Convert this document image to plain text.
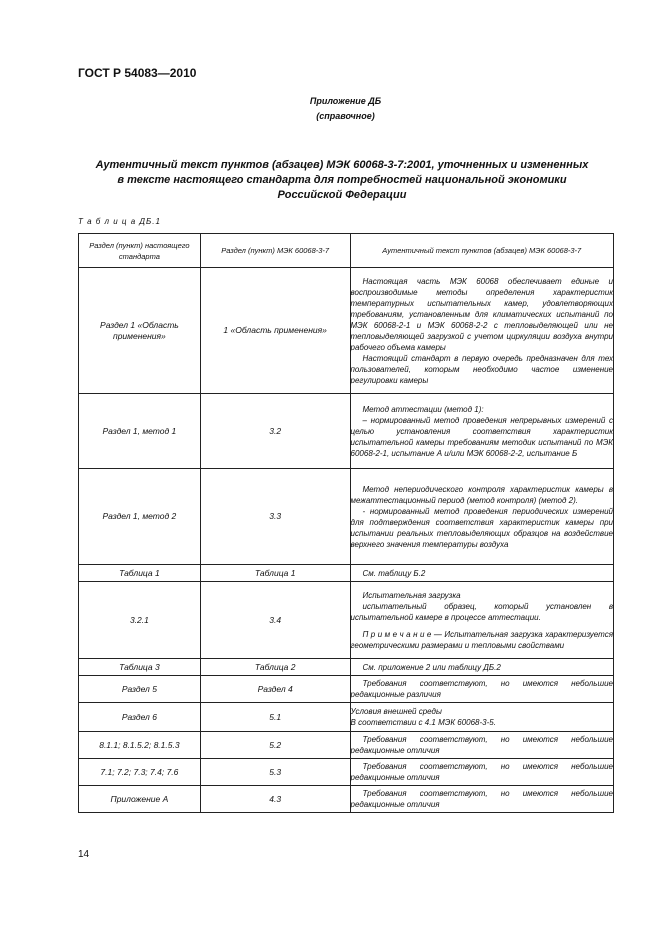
ГОСТ Р 54083—2010
Приложение ДБ
(справочное)
Аутентичный текст пунктов (абзацев) МЭК 60068-3-7:2001, уточненных и измененных
в тексте настоящего стандарта для потребностей национальной экономики
Российской Федерации
Т а б л и ц а ДБ.1
Раздел (пункт) настоящего стандарта	Раздел (пункт) МЭК 60068-3-7	Аутентичный текст пунктов (абзацев) МЭК 60068-3-7
Раздел 1 «Область применения»	1 «Область применения»	Настоящая часть МЭК 60068 обеспечивает единые и воспроизводимые методы определения характеристик температурных испытательных камер, удовлетворяющих требованиям, установленным для климатических испытаний по МЭК 60068-2-1 и МЭК 60068-2-2 с тепловыделяющей или не тепловыделяющей загрузкой с учетом циркуляции воздуха внутри рабочего объема камеры

Настоящий стандарт в первую очередь предназначен для тех пользователей, которым необходимо частое изменение регулировки камеры

Раздел 1, метод 1	3.2	Метод аттестации (метод 1):

– нормированный метод проведения непрерывных измерений с целью установления соответствия характеристик испытательной камеры требованиям методик испытаний по МЭК 60068-2-1, испытание А и/или МЭК 60068-2-2, испытание Б

Раздел 1, метод 2	3.3	Метод непериодического контроля характеристик камеры в межаттестационный период (метод контроля) (метод 2).

- нормированный метод проведения периодических измерений для подтверждения соответствия характеристик камеры при испытании реальных тепловыделяющих образцов на воздействие верхнего значения температуры воздуха

Таблица 1	Таблица 1	См. таблицу Б.2

3.2.1	3.4	Испытательная загрузка

испытательный образец, который установлен в испытательной камере в процессе аттестации.

П р и м е ч а н и е — Испытательная загрузка характеризуется геометрическими размерами и тепловыми свойствами

Таблица 3	Таблица 2	См. приложение 2 или таблицу ДБ.2

Раздел 5	Раздел 4	Требования соответствуют, но имеются небольшие редакционные различия

Раздел 6	5.1	Условия внешней среды

В соответствии с 4.1 МЭК 60068-3-5.

8.1.1; 8.1.5.2; 8.1.5.3	5.2	Требования соответствуют, но имеются небольшие редакционные отличия

7.1; 7.2; 7.3; 7.4; 7.6	5.3	Требования соответствуют, но имеются небольшие редакционные отличия

Приложение А	4.3	Требования соответствуют, но имеются небольшие редакционные отличия

14
